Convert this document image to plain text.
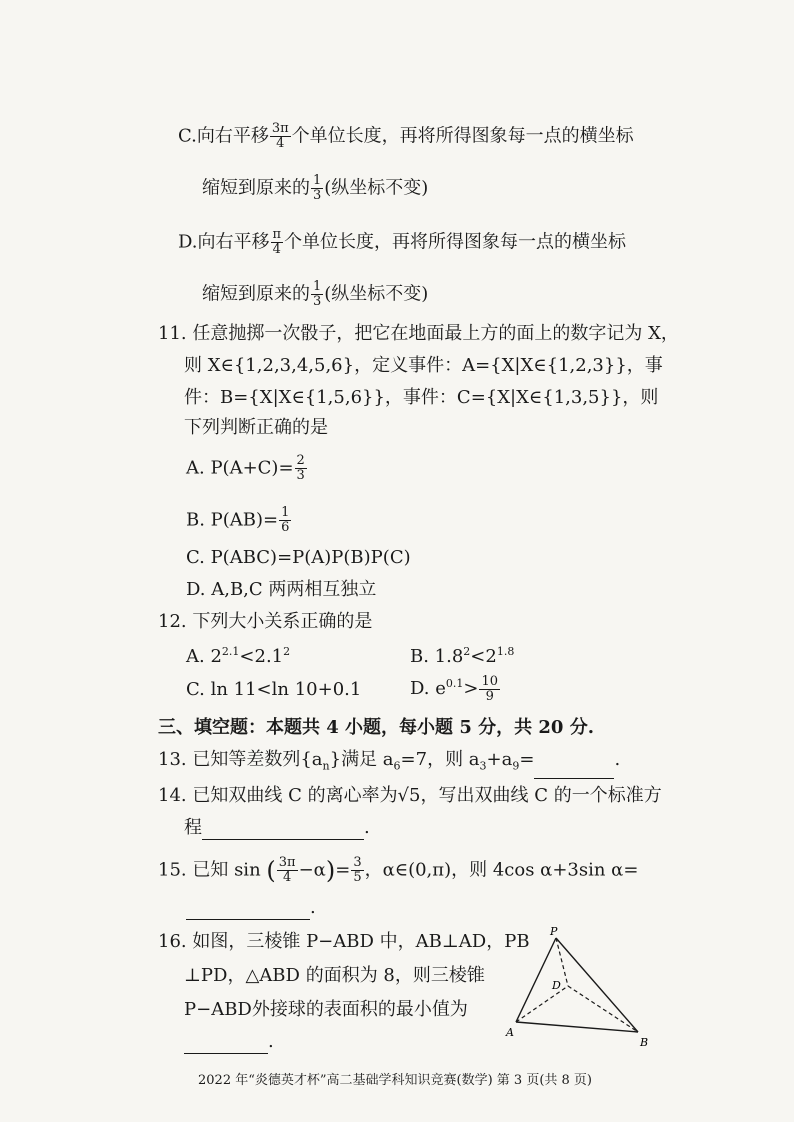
C.向右平移 $\frac{3\pi}{4}$ 个单位长度，再将所得图象每一点的横坐标
缩短到原来的 $\frac{1}{3}$ (纵坐标不变)
D.向右平移 $\frac{\pi}{4}$ 个单位长度，再将所得图象每一点的横坐标
缩短到原来的 $\frac{1}{3}$ (纵坐标不变)
11. 任意抛掷一次骰子，把它在地面最上方的面上的数字记为 X，
则 X∈{1,2,3,4,5,6}，定义事件：A={X|X∈{1,2,3}}，事
件：B={X|X∈{1,5,6}}，事件：C={X|X∈{1,3,5}}，则
下列判断正确的是
A. $P(A+C)= \frac{2}{3}$
B. $P(AB)= \frac{1}{6}$
C. P(ABC)=P(A)P(B)P(C)
D. A,B,C 两两相互独立
12. 下列大小关系正确的是
A. $2^{2.1}<2.1^2$	B. $1.8^2<2^{1.8}$
C. ln 11<ln 10+0.1	D. $e^{0.1}> \frac{10}{9}$
三、填空题：本题共 4 小题，每小题 5 分，共 20 分.
13. 已知等差数列$\{a_n\}$满足 $a_6=7$，则 $a_3+a_9=$	.
14. 已知双曲线 C 的离心率为√5，写出双曲线 C 的一个标准方
程	.
15. 已知 sin ( $\frac{3\pi}{4} -\alpha)= \frac{3}{5}$ ，α∈(0,π)，则 4cos α+3sin α=
.
16. 如图，三棱锥 P−ABD 中，AB⊥AD，PB
⊥PD，△ABD 的面积为 8，则三棱锥
P−ABD外接球的表面积的最小值为
.
P
D
A
B
2022 年“炎德英才杯”高二基础学科知识竞赛(数学) 第 3 页(共 8 页)
